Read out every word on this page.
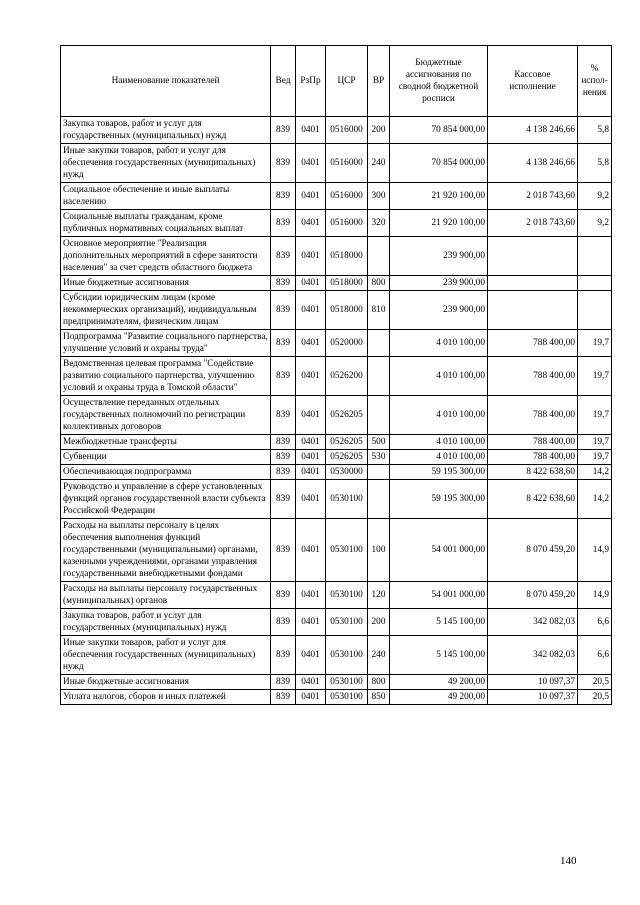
Наименование показателей	Вед	РзПр	ЦСР	ВР	Бюджетные ассигнования по сводной бюджетной росписи	Кассовое исполнение	% испол-нения
Закупка товаров, работ и услуг для государственных (муниципальных) нужд	839	0401	0516000	200	70 854 000,00	4 138 246,66	5,8
Иные закупки товаров, работ и услуг для обеспечения государственных (муниципальных) нужд	839	0401	0516000	240	70 854 000,00	4 138 246,66	5,8
Социальное обеспечение и иные выплаты населению	839	0401	0516000	300	21 920 100,00	2 018 743,60	9,2
Социальные выплаты гражданам, кроме публичных нормативных социальных выплат	839	0401	0516000	320	21 920 100,00	2 018 743,60	9,2
Основное мероприятие "Реализация дополнительных мероприятий в сфере занятости населения" за счет средств областного бюджета	839	0401	0518000		239 900,00		
Иные бюджетные ассигнования	839	0401	0518000	800	239 900,00		
Субсидии юридическим лицам (кроме некоммерческих организаций), индивидуальным предпринимателям, физическим лицам	839	0401	0518000	810	239 900,00		
Подпрограмма "Развитие социального партнерства, улучшение условий и охраны труда"	839	0401	0520000		4 010 100,00	788 400,00	19,7
Ведомственная целевая программа "Содействие развитию социального партнерства, улучшению условий и охраны труда в Томской области"	839	0401	0526200		4 010 100,00	788 400,00	19,7
Осуществление переданных отдельных государственных полномочий по регистрации коллективных договоров	839	0401	0526205		4 010 100,00	788 400,00	19,7
Межбюджетные трансферты	839	0401	0526205	500	4 010 100,00	788 400,00	19,7
Субвенции	839	0401	0526205	530	4 010 100,00	788 400,00	19,7
Обеспечивающая подпрограмма	839	0401	0530000		59 195 300,00	8 422 638,60	14,2
Руководство и управление в сфере установленных функций органов государственной власти субъекта Российской Федерации	839	0401	0530100		59 195 300,00	8 422 638,60	14,2
Расходы на выплаты персоналу в целях обеспечения выполнения функций государственными (муниципальными) органами, казенными учреждениями, органами управления государственными внебюджетными фондами	839	0401	0530100	100	54 001 000,00	8 070 459,20	14,9
Расходы на выплаты персоналу государственных (муниципальных) органов	839	0401	0530100	120	54 001 000,00	8 070 459,20	14,9
Закупка товаров, работ и услуг для государственных (муниципальных) нужд	839	0401	0530100	200	5 145 100,00	342 082,03	6,6
Иные закупки товаров, работ и услуг для обеспечения государственных (муниципальных) нужд	839	0401	0530100	240	5 145 100,00	342 082,03	6,6
Иные бюджетные ассигнования	839	0401	0530100	800	49 200,00	10 097,37	20,5
Уплата налогов, сборов и иных платежей	839	0401	0530100	850	49 200,00	10 097,37	20,5
140
